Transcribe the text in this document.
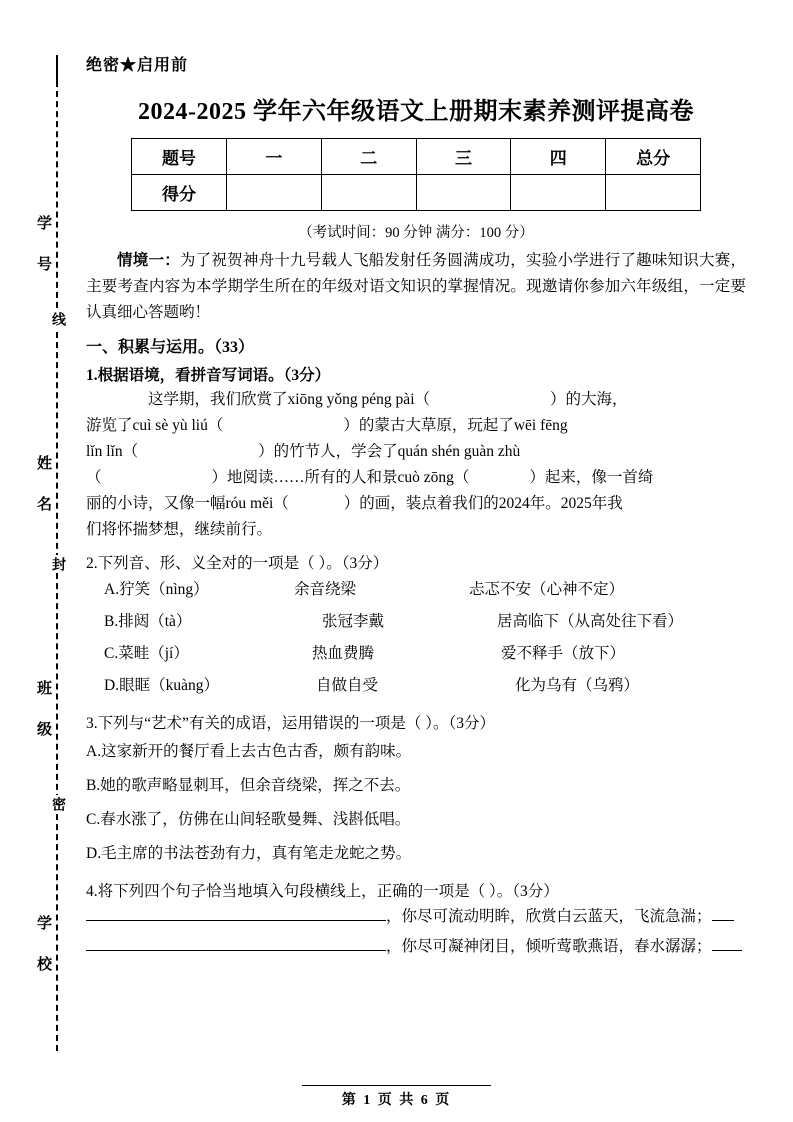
学 号
线
姓 名
封
班 级
密
学 校
绝密★启用前
2024-2025 学年六年级语文上册期末素养测评提高卷
题号	一	二	三	四	总分
得分					
（考试时间：90 分钟 满分：100 分）

情境一：为了祝贺神舟十九号载人飞船发射任务圆满成功，实验小学进行了趣味知识大赛，主要考查内容为本学期学生所在的年级对语文知识的掌握情况。现邀请你参加六年级组，一定要认真细心答题哟！

一、积累与运用。（33）
1.根据语境，看拼音写词语。（3分）

这学期，我们欣赏了xiōng yǒng péng pài（	）的大海，

游览了cuì sè yù liú（	）的蒙古大草原，玩起了wēi fēng

lǐn lǐn（	）的竹节人，学会了quán shén guàn zhù

（	）地阅读……所有的人和景cuò zōng（	）起来，像一首绮

丽的小诗，又像一幅róu měi（	）的画，装点着我们的2024年。2025年我

们将怀揣梦想，继续前行。

2.下列音、形、义全对的一项是（ ）。（3分）
A.狞笑（nìng）	余音绕梁	忐忑不安（心神不定）
B.排闼（tà）	张冠李戴	居高临下（从高处往下看）
C.菜畦（jí）	热血费腾	爱不释手（放下）
D.眼眶（kuàng）	自做自受	化为乌有（乌鸦）
3.下列与“艺术”有关的成语，运用错误的一项是（ ）。（3分）
A.这家新开的餐厅看上去古色古香，颇有韵味。
B.她的歌声略显刺耳，但余音绕梁，挥之不去。
C.春水涨了，仿佛在山间轻歌曼舞、浅斟低唱。
D.毛主席的书法苍劲有力，真有笔走龙蛇之势。
4.将下列四个句子恰当地填入句段横线上，正确的一项是（ ）。（3分）
，你尽可流动明眸，欣赏白云蓝天，飞流急湍；
，你尽可凝神闭目，倾听莺歌燕语，春水潺潺；
第 1 页 共 6 页
